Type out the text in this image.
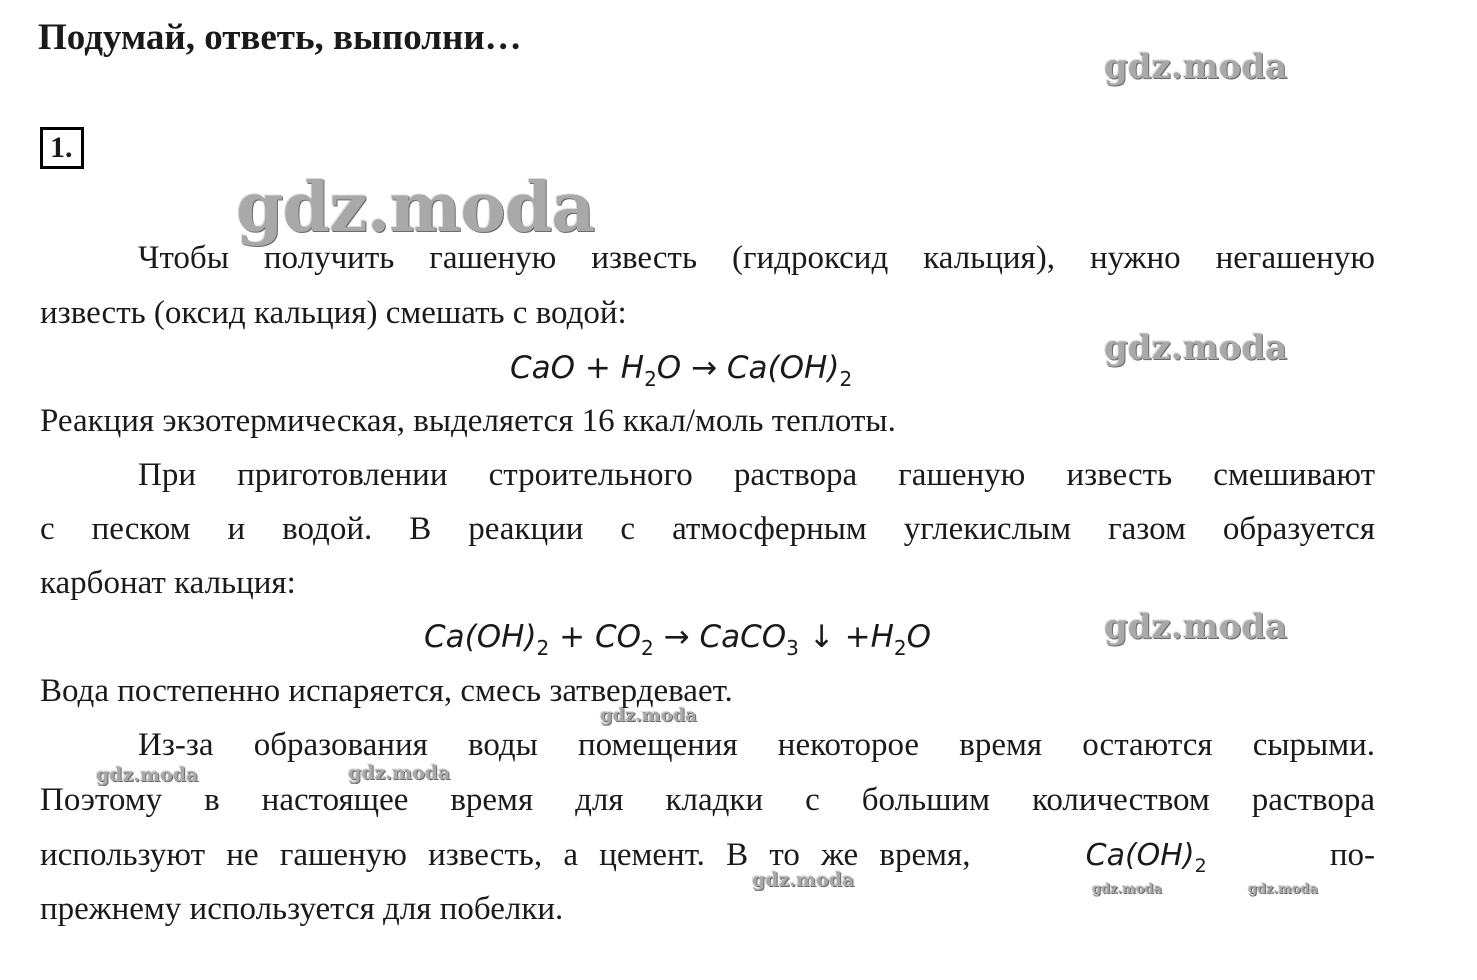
Подумай, ответь, выполни…
1.
Чтобы получить гашеную известь (гидроксид кальция), нужно негашеную
известь (оксид кальция) смешать с водой:
CaO + $H_2O \to Ca(OH)_2$
Реакция экзотермическая, выделяется 16 ккал/моль теплоты.
При приготовлении строительного раствора гашеную известь смешивают
с песком и водой. В реакции с атмосферным углекислым газом образуется
карбонат кальция:
$Ca(OH)_2 + CO_2$ → CaCO$_3$ ↓ $+H_2O$
Вода постепенно испаряется, смесь затвердевает.
Из-за образования воды помещения некоторое время остаются сырыми.
Поэтому в настоящее время для кладки с большим количеством раствора
используют не гашеную известь, а цемент. В то же время,	$Ca(OH)_2$	по-
прежнему используется для побелки.
gdz.moda
gdz.moda
gdz.moda
gdz.moda
gdz.moda
gdz.moda	gdz.moda
gdz.moda	gdz.moda	gdz.moda
